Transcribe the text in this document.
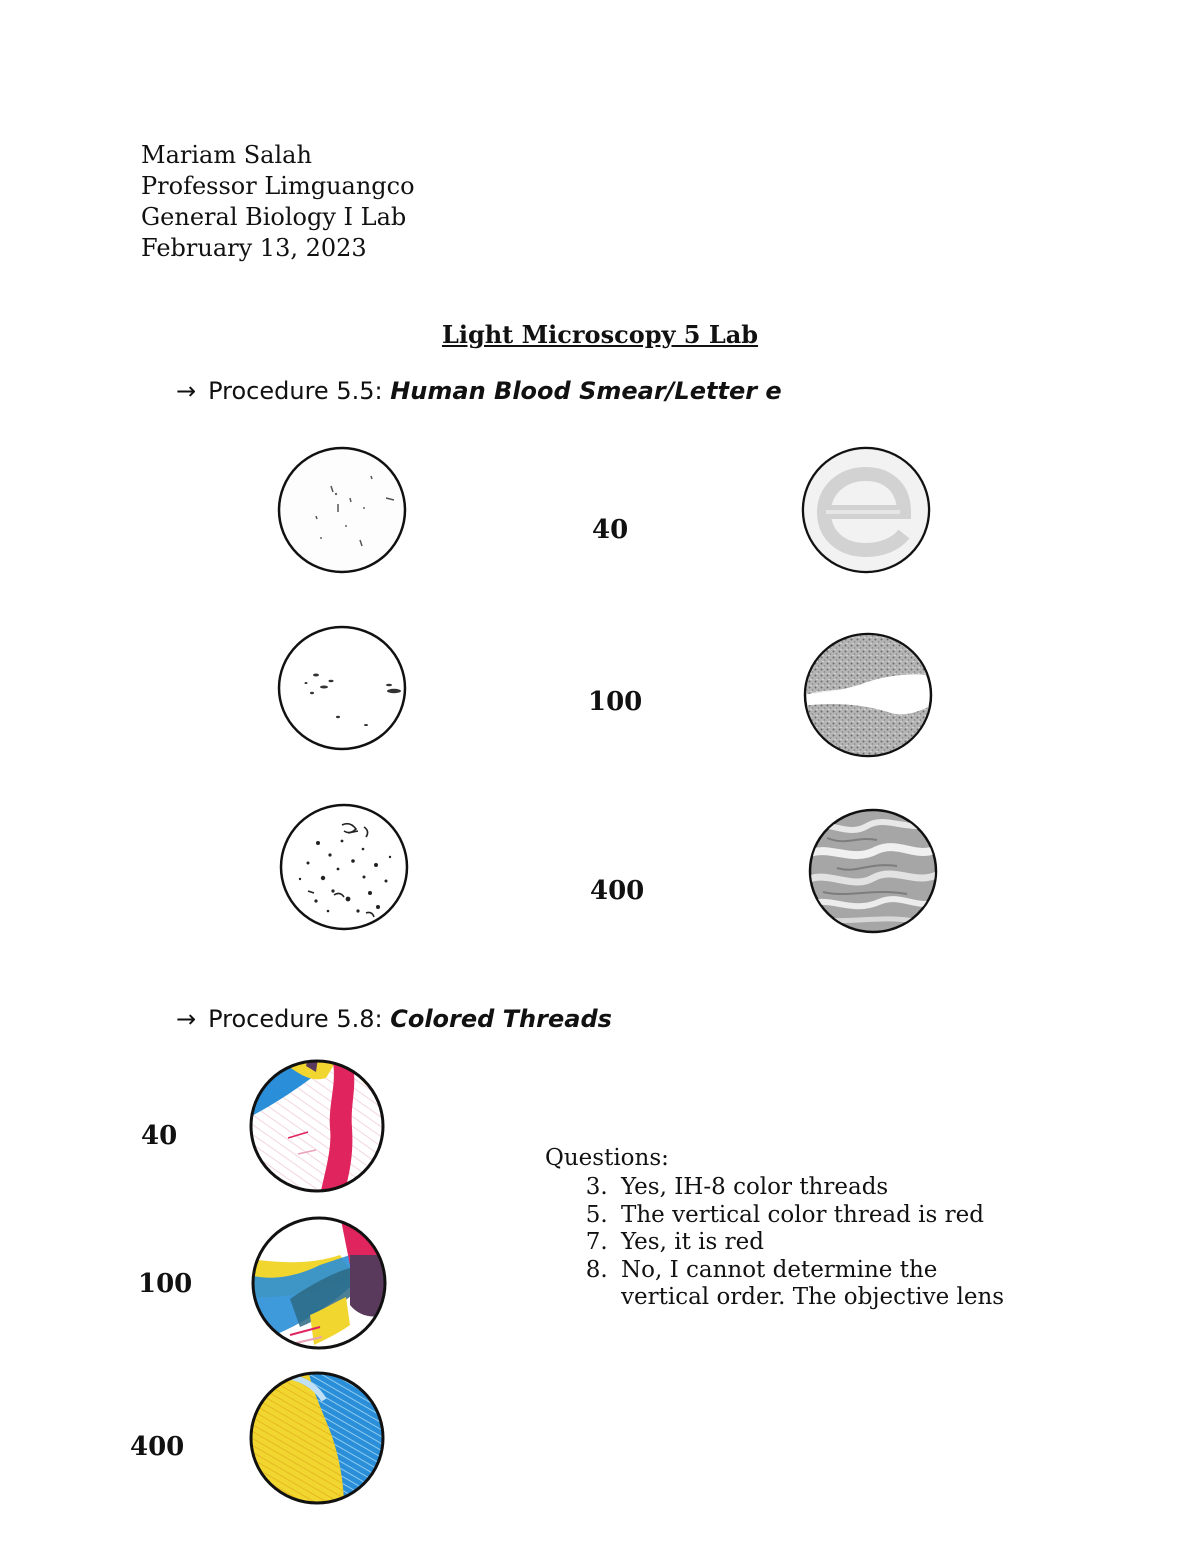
Mariam Salah

Professor Limguangco

General Biology I Lab

February 13, 2023

Light Microscopy 5 Lab
→ Procedure 5.5: Human Blood Smear/Letter e
40
100
400
→ Procedure 5.8: Colored Threads
40
100
400

Questions:

3. Yes, IH-8 color threads
5. The vertical color thread is red
7. Yes, it is red
8. No, I cannot determine the vertical order. The objective lens
